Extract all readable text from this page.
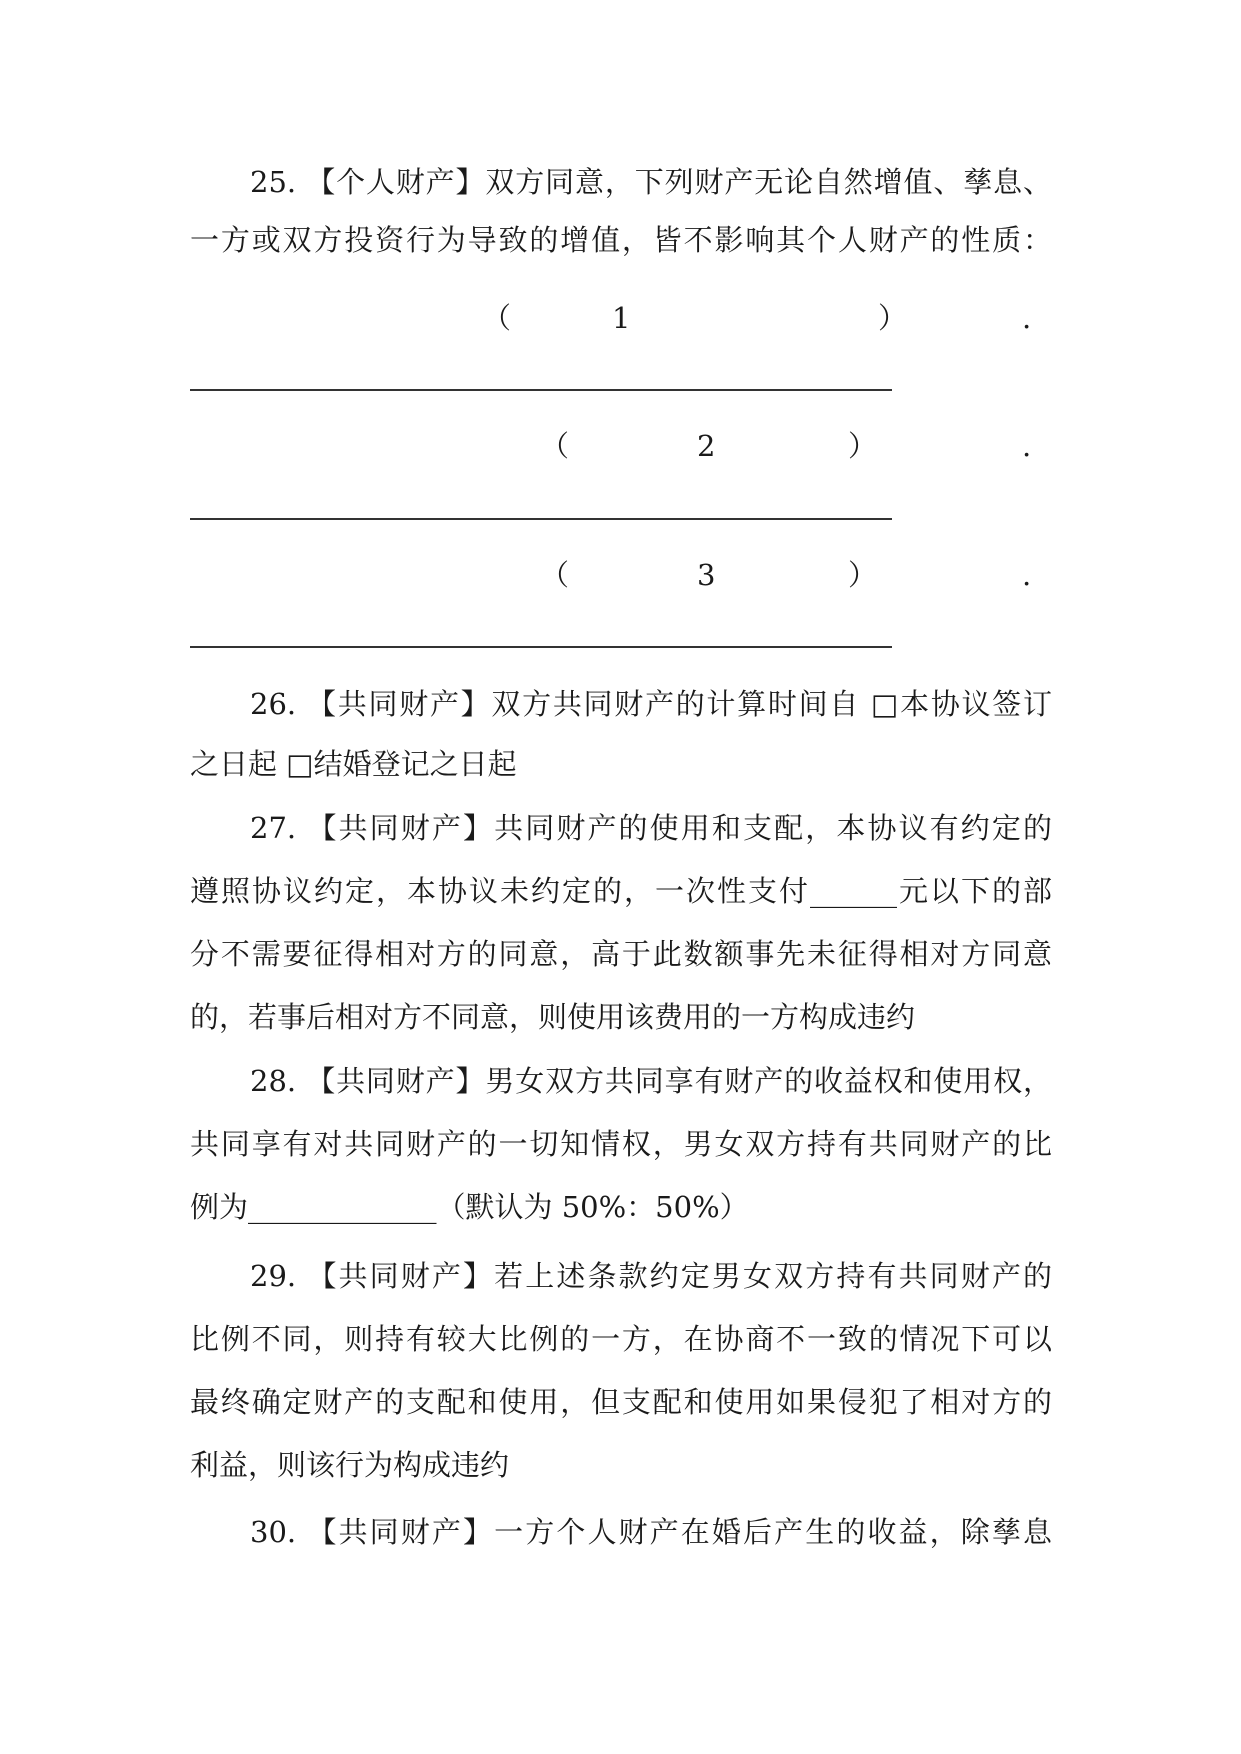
25. 【个人财产】双方同意，下列财产无论自然增值、孳息、
一方或双方投资行为导致的增值，皆不影响其个人财产的性质：
（	1	）	.
（	2	）	.
（	3	）	.
26. 【共同财产】双方共同财产的计算时间自 □本协议签订
之日起 □结婚登记之日起
27. 【共同财产】共同财产的使用和支配，本协议有约定的
遵照协议约定，本协议未约定的，一次性支付______元以下的部
分不需要征得相对方的同意，高于此数额事先未征得相对方同意
的，若事后相对方不同意，则使用该费用的一方构成违约
28. 【共同财产】男女双方共同享有财产的收益权和使用权，
共同享有对共同财产的一切知情权，男女双方持有共同财产的比
例为_____________（默认为 50%：50%）
29. 【共同财产】若上述条款约定男女双方持有共同财产的
比例不同，则持有较大比例的一方，在协商不一致的情况下可以
最终确定财产的支配和使用，但支配和使用如果侵犯了相对方的
利益，则该行为构成违约
30. 【共同财产】一方个人财产在婚后产生的收益，除孳息
